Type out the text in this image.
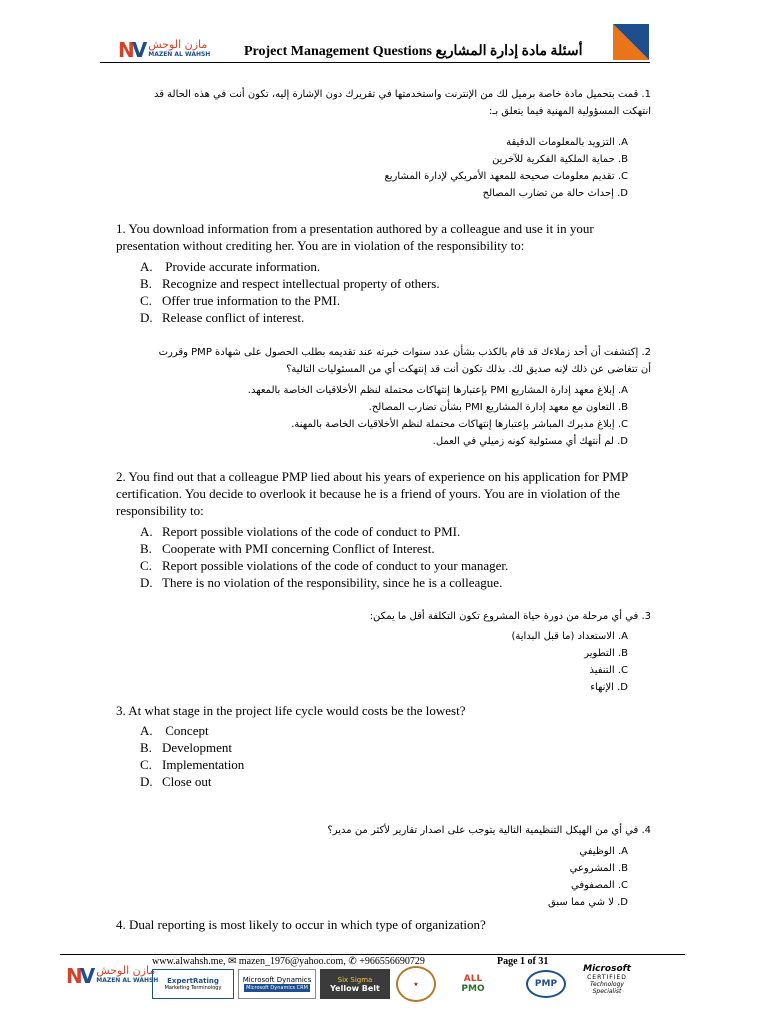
NV مازن الوحش
MAZEN AL WAHSH Project Management Questions أسئلة مادة إدارة المشاريع
1. قمت بتحميل مادة خاصة برميل لك من الإنترنت واستخدمتها في تقريرك دون الإشارة إليه، تكون أنت في هذه الحالة قد
انتهكت المسؤولية المهنية فيما يتعلق بـ:
A. التزويد بالمعلومات الدقيقة
B. حماية الملكية الفكرية للآخرين
C. تقديم معلومات صحيحة للمعهد الأمريكي لإدارة المشاريع
D. إحداث حالة من تضارب المصالح
1. You download information from a presentation authored by a colleague and use it in your presentation without crediting her. You are in violation of the responsibility to:
A. Provide accurate information.
B. Recognize and respect intellectual property of others.
C. Offer true information to the PMI.
D. Release conflict of interest.
2. إكتشفت أن أحد زملاءك قد قام بالكذب بشأن عدد سنوات خبرته عند تقديمه بطلب الحصول على شهادة PMP وقررت
أن تتغاضى عن ذلك لإنه صديق لك. بذلك تكون أنت قد إنتهكت أي من المسئوليات التالية؟
A. إبلاغ معهد إدارة المشاريع PMI بإعتبارها إنتهاكات محتملة لنظم الأخلاقيات الخاصة بالمعهد.
B. التعاون مع معهد إدارة المشاريع PMI بشأن تضارب المصالح.
C. إبلاغ مديرك المباشر بإعتبارها إنتهاكات محتملة لنظم الأخلاقيات الخاصة بالمهنة.
D. لم أنتهك أي مسئولية كونه زميلي في العمل.
2. You find out that a colleague PMP lied about his years of experience on his application for PMP certification. You decide to overlook it because he is a friend of yours. You are in violation of the responsibility to:
A. Report possible violations of the code of conduct to PMI.
B. Cooperate with PMI concerning Conflict of Interest.
C. Report possible violations of the code of conduct to your manager.
D. There is no violation of the responsibility, since he is a colleague.
3. في أي مرحلة من دورة حياة المشروع تكون التكلفة أقل ما يمكن:
A. الاستعداد (ما قبل البداية)
B. التطوير
C. التنفيذ
D. الإنهاء
3. At what stage in the project life cycle would costs be the lowest?
A. Concept
B. Development
C. Implementation
D. Close out
4. في أي من الهيكل التنظيمية التالية يتوجب على اصدار تقارير لأكثر من مدير؟
A. الوظيفي
B. المشروعي
C. المصفوفي
D. لا شي مما سبق
4. Dual reporting is most likely to occur in which type of organization?
www.alwahsh.me, ✉ mazen_1976@yahoo.com, ✆ +966556690729	Page 1 of 31
NV مازن الوحش
MAZEN AL WAHSH ExpertRating
Marketing Terminology
Microsoft Dynamics
Microsoft Dynamics CRM
Six Sigma
Yellow Belt	★	ALL
PMO	PMP
Microsoft
CERTIFIED
Technology Specialist
